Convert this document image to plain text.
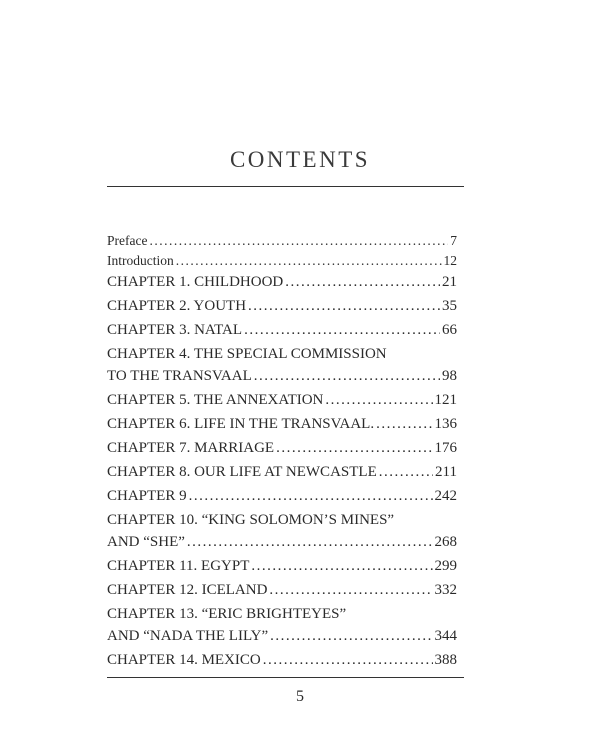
CONTENTS
Preface .....	7
Introduction .....	12
CHAPTER 1. CHILDHOOD .....	21
CHAPTER 2. YOUTH .....	35
CHAPTER 3. NATAL .....	66
CHAPTER 4. THE SPECIAL COMMISSION
TO THE TRANSVAAL .....	98
CHAPTER 5. THE ANNEXATION .....	121
CHAPTER 6. LIFE IN THE TRANSVAAL. .....	136
CHAPTER 7. MARRIAGE .....	176
CHAPTER 8. OUR LIFE AT NEWCASTLE .....	211
CHAPTER 9 .....	242
CHAPTER 10. “KING SOLOMON’S MINES”
AND “SHE” .....	268
CHAPTER 11. EGYPT .....	299
CHAPTER 12. ICELAND .....	332
CHAPTER 13. “ERIC BRIGHTEYES”
AND “NADA THE LILY” .....	344
CHAPTER 14. MEXICO .....	388
5
